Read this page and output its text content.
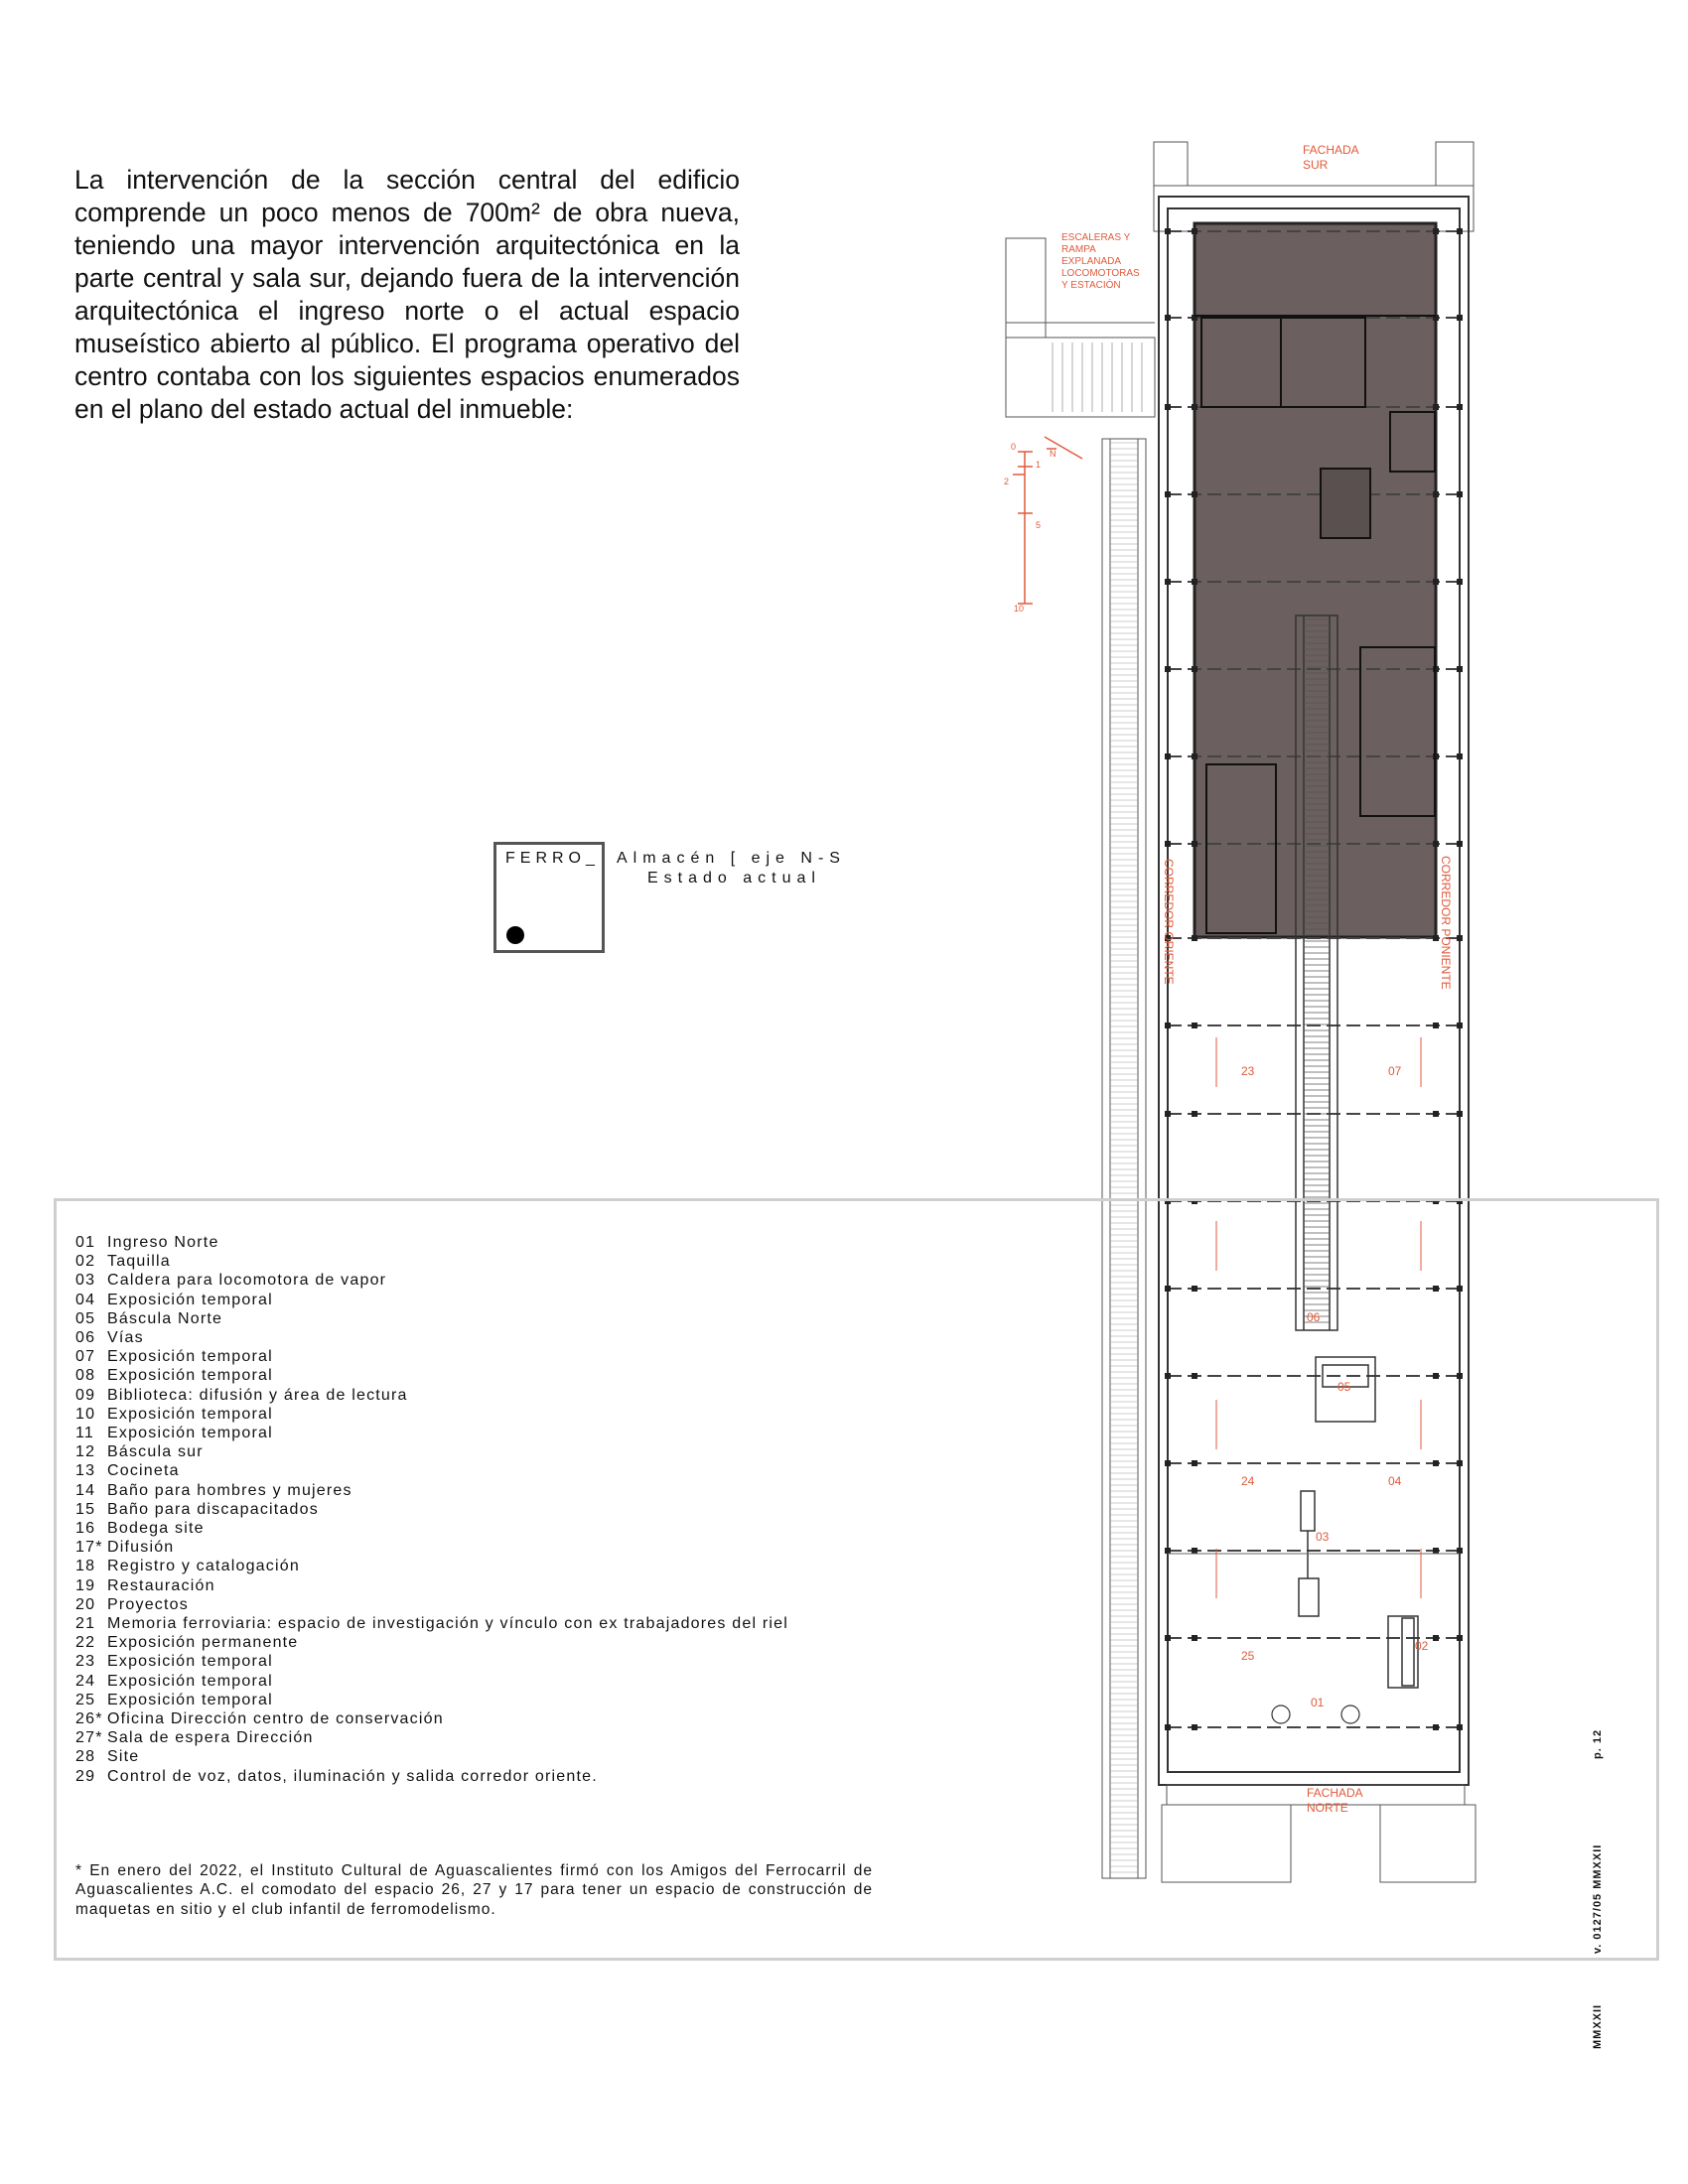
La intervención de la sección central del edificio comprende un poco menos de 700m² de obra nueva, teniendo una mayor intervención arquitectónica en la parte central y sala sur, dejando fuera de la intervención arquitectónica el ingreso norte o el actual espacio museístico abierto al público. El programa operativo del centro contaba con los siguientes espacios enumerados en el plano del estado actual del inmueble:

FACHADA
SUR
ESCALERAS Y
RAMPA
EXPLANADA
LOCOMOTORAS
Y ESTACIÓN
FACHADA
NORTE
CORREDOR ORIENTE	CORREDOR PONIENTE
0
1
2
5
10
N
23	07
06
05
24	04
03
02
25
01
FERRO_ Almacén [ eje N-S
Estado actual
01 Ingreso Norte
02 Taquilla
03 Caldera para locomotora de vapor
04 Exposición temporal
05 Báscula Norte
06 Vías
07 Exposición temporal
08 Exposición temporal
09 Biblioteca: difusión y área de lectura
10 Exposición temporal
11 Exposición temporal
12 Báscula sur
13 Cocineta
14 Baño para hombres y mujeres
15 Baño para discapacitados
16 Bodega site
17* Difusión
18 Registro y catalogación
19 Restauración
20 Proyectos
21 Memoria ferroviaria: espacio de investigación y vínculo con ex trabajadores del riel
22 Exposición permanente
23 Exposición temporal
24 Exposición temporal
25 Exposición temporal
26* Oficina Dirección centro de conservación
27* Sala de espera Dirección
28 Site
29 Control de voz, datos, iluminación y salida corredor oriente.

* En enero del 2022, el Instituto Cultural de Aguascalientes firmó con los Amigos del Ferrocarril de Aguascalientes A.C. el comodato del espacio 26, 27 y 17 para tener un espacio de construcción de maquetas en sitio y el club infantil de ferromodelismo.

MMXXII
v. 0127/05 MMXXII
p. 12
